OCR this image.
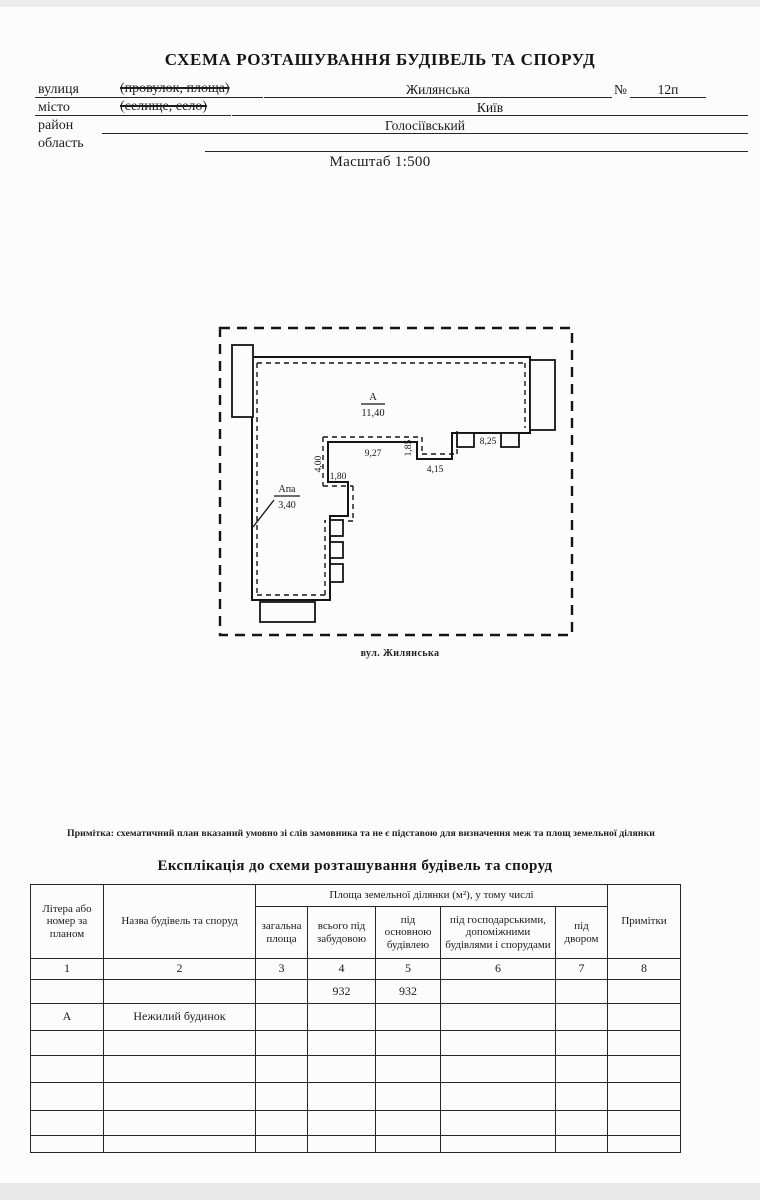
СХЕМА РОЗТАШУВАННЯ БУДІВЕЛЬ ТА СПОРУД
вулиця	(провулок, площа)	Жилянська	№	12п
місто	(селище, село)	Київ
район	Голосіївський
область
Масштаб 1:500
А
11,40
Апа
3,40
9,27
4,00
1,80
1,85
4,15
8,25
вул. Жилянська
Примітка: схематичний план вказаний умовно зі слів замовника та не є підставою для визначення меж та площ земельної ділянки
Експлікація до схеми розташування будівель та споруд
Літера або номер за планом	Назва будівель та споруд	Площа земельної ділянки (м²), у тому числі					Примітки
		загальна площа	всього під забудовою	під основною будівлею	під господарськими, допоміжними будівлями і спорудами	під двором	
1	2	3	4	5	6	7	8
			932	932			
А	Нежилий будинок						
